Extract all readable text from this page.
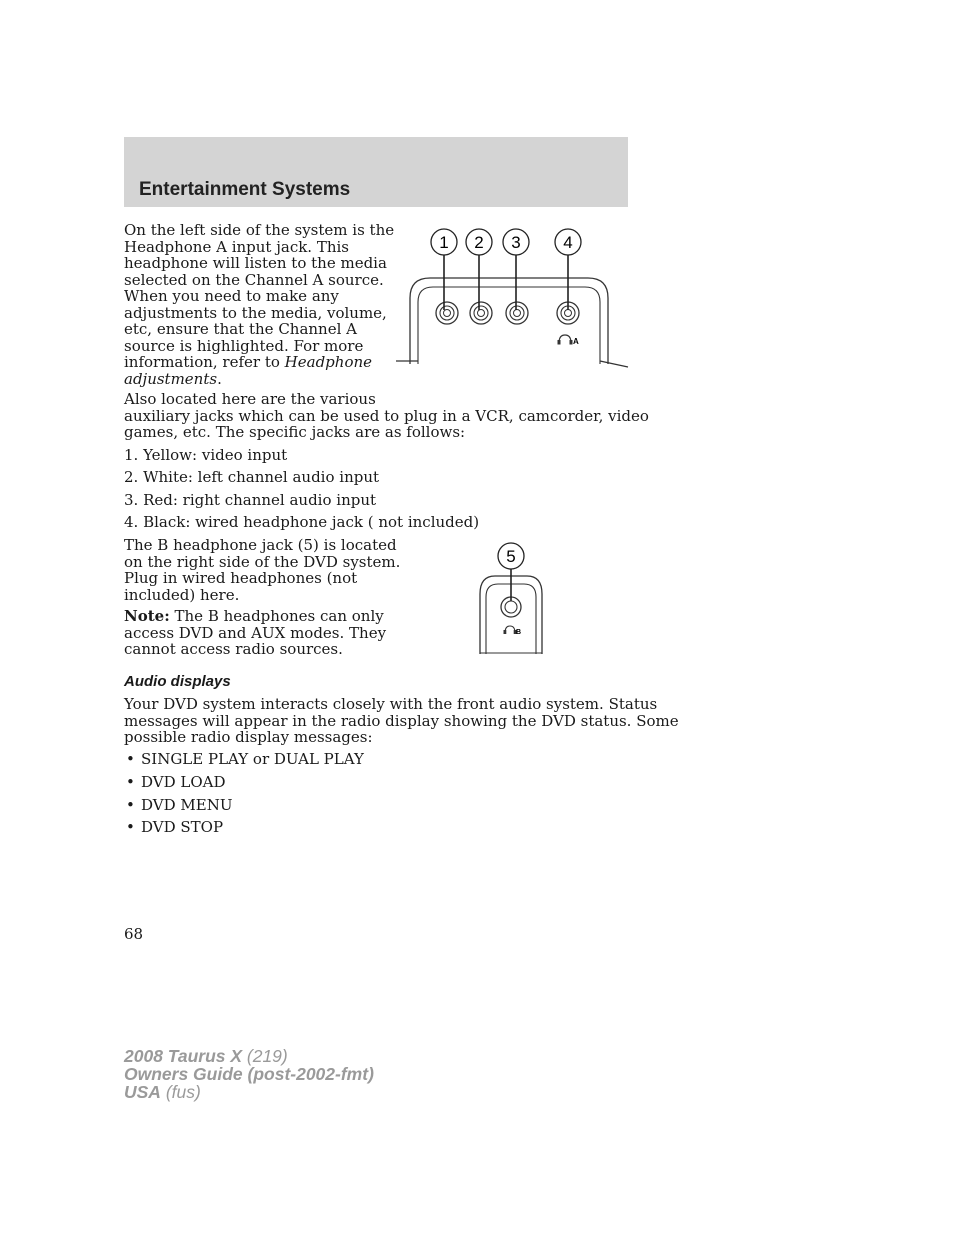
Entertainment Systems

On the left side of the system is the

Headphone A input jack. This

headphone will listen to the media

selected on the Channel A source.

When you need to make any

adjustments to the media, volume,

etc, ensure that the Channel A

source is highlighted. For more

information, refer to Headphone

adjustments.

1 2 3	4
A

Also located here are the various

auxiliary jacks which can be used to plug in a VCR, camcorder, video

games, etc. The specific jacks are as follows:

1. Yellow: video input
2. White: left channel audio input
3. Red: right channel audio input
4. Black: wired headphone jack ( not included)

The B headphone jack (5) is located

on the right side of the DVD system.

Plug in wired headphones (not

included) here.

Note: The B headphones can only

access DVD and AUX modes. They

cannot access radio sources.

5
B
Audio displays

Your DVD system interacts closely with the front audio system. Status

messages will appear in the radio display showing the DVD status. Some

possible radio display messages:

• SINGLE PLAY or DUAL PLAY
• DVD LOAD
• DVD MENU
• DVD STOP
68
2008 Taurus X (219)
Owners Guide (post-2002-fmt)
USA (fus)
